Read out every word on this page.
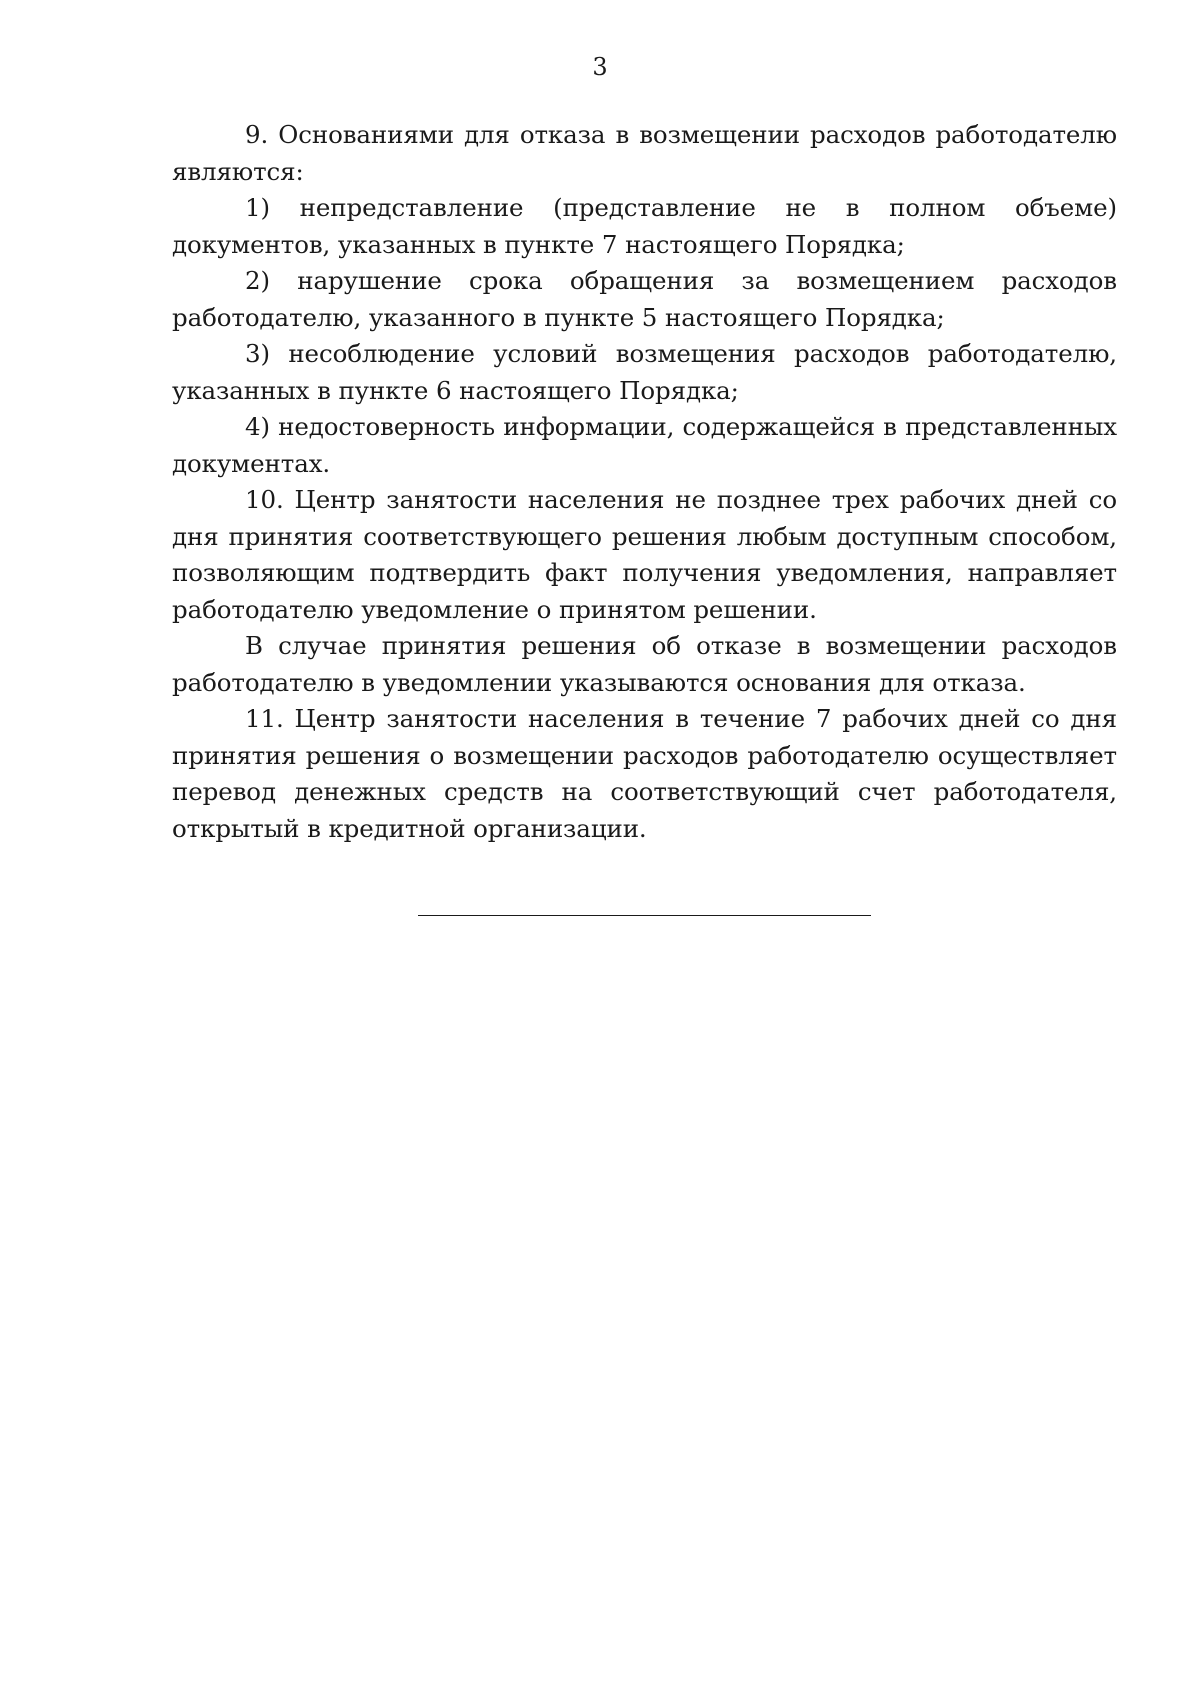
3

9. Основаниями для отказа в возмещении расходов работодателю являются:

1) непредставление (представление не в полном объеме) документов, указанных в пункте 7 настоящего Порядка;

2) нарушение срока обращения за возмещением расходов работодателю, указанного в пункте 5 настоящего Порядка;

3) несоблюдение условий возмещения расходов работодателю, указанных в пункте 6 настоящего Порядка;

4) недостоверность информации, содержащейся в представленных документах.

10. Центр занятости населения не позднее трех рабочих дней со дня принятия соответствующего решения любым доступным способом, позволяющим подтвердить факт получения уведомления, направляет работодателю уведомление о принятом решении.

В случае принятия решения об отказе в возмещении расходов работодателю в уведомлении указываются основания для отказа.

11. Центр занятости населения в течение 7 рабочих дней со дня принятия решения о возмещении расходов работодателю осуществляет перевод денежных средств на соответствующий счет работодателя, открытый в кредитной организации.
